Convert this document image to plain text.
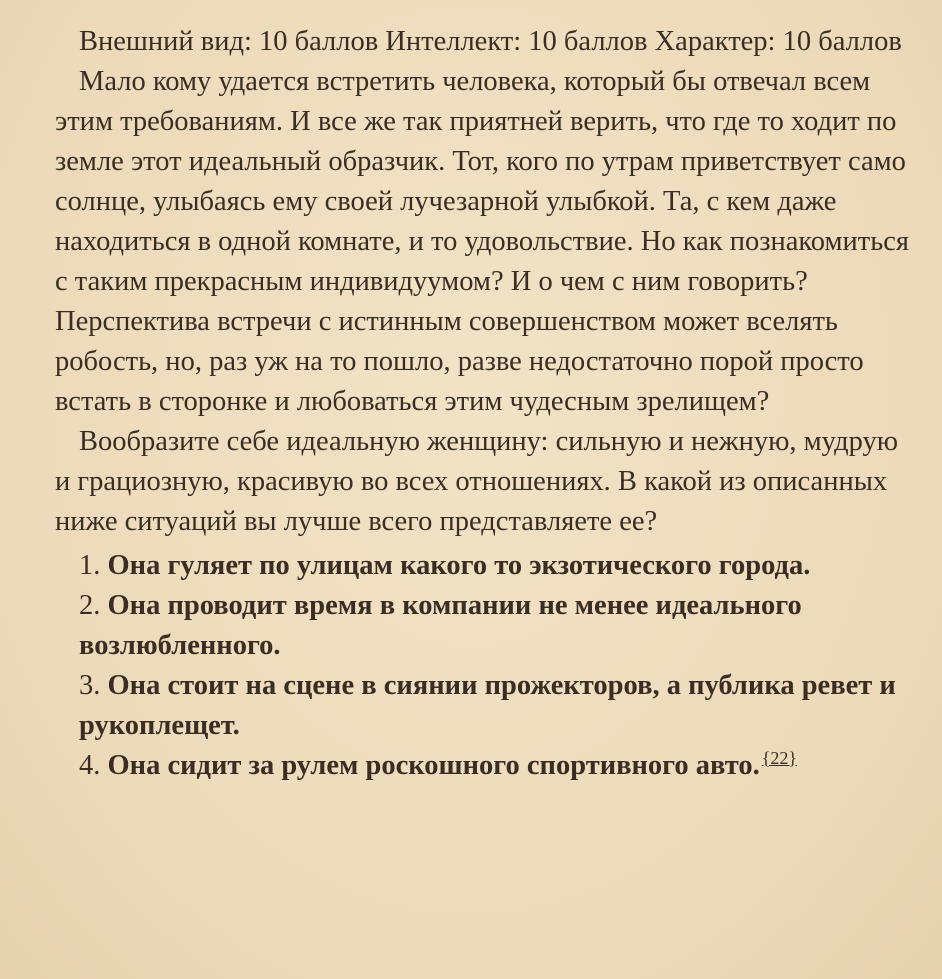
Внешний вид: 10 баллов Интеллект: 10 баллов Характер: 10 баллов

Мало кому удается встретить человека, который бы отвечал всем этим требованиям. И все же так приятней верить, что где то ходит по земле этот идеальный образчик. Тот, кого по утрам приветствует само солнце, улыбаясь ему своей лучезарной улыбкой. Та, с кем даже находиться в одной комнате, и то удовольствие. Но как познакомиться с таким прекрасным индивидуумом? И о чем с ним говорить? Перспектива встречи с истинным совершенством может вселять робость, но, раз уж на то пошло, разве недостаточно порой просто встать в сторонке и любоваться этим чудесным зрелищем?

Вообразите себе идеальную женщину: сильную и нежную, мудрую и грациозную, красивую во всех отношениях. В какой из описанных ниже ситуаций вы лучше всего представляете ее?

1. Она гуляет по улицам какого то экзотического города.
2. Она проводит время в компании не менее идеального возлюбленного.
3. Она стоит на сцене в сиянии прожекторов, а публика ревет и рукоплещет.
4. Она сидит за рулем роскошного спортивного авто. $^{\{22\}}$
